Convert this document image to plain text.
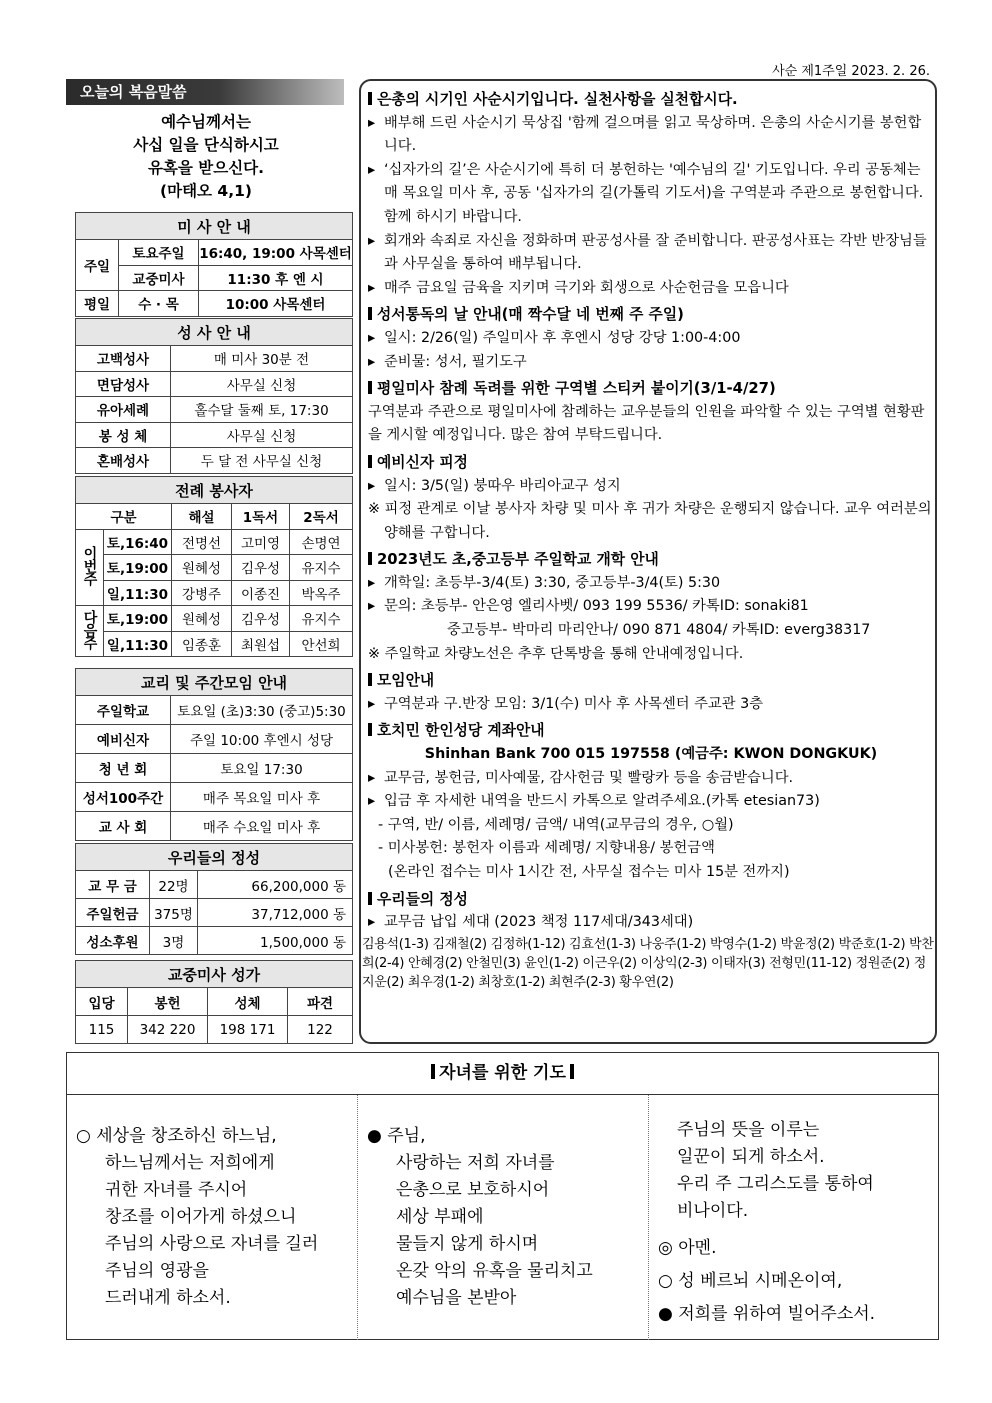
사순 제1주일 2023. 2. 26.
오늘의 복음말씀
예수님께서는
사십 일을 단식하시고
유혹을 받으신다.
(마태오 4,1)
미 사 안 내		
주일	토요주일	16:40, 19:00 사목센터
	교중미사	11:30 후 엔 시
평일	수 · 목	10:00 사목센터
성 사 안 내	
고백성사	매 미사 30분 전
면담성사	사무실 신청
유아세례	홀수달 둘째 토, 17:30
봉 성 체	사무실 신청
혼배성사	두 달 전 사무실 신청
전례 봉사자				
구분		해설	1독서	2독서
이번주	토,16:40	전명선	고미영	손명연
	토,19:00	원혜성	김우성	유지수
	일,11:30	강병주	이종진	박옥주
다음주	토,19:00	원혜성	김우성	유지수
	일,11:30	임종훈	최원섭	안선희
교리 및 주간모임 안내	
주일학교	토요일 (초)3:30 (중고)5:30
예비신자	주일 10:00 후엔시 성당
청 년 회	토요일 17:30
성서100주간	매주 목요일 미사 후
교 사 회	매주 수요일 미사 후
우리들의 정성		
교 무 금	22명	66,200,000 동
주일헌금	375명	37,712,000 동
성소후원	3명	1,500,000 동
교중미사 성가			
입당	봉헌	성체	파견
115	342 220	198 171	122
은총의 시기인 사순시기입니다. 실천사항을 실천합시다.
▸ 배부해 드린 사순시기 묵상집 '함께 걸으며를 읽고 묵상하며. 은총의 사순시기를 봉헌합니다.
▸ ‘십자가의 길’은 사순시기에 특히 더 봉헌하는 '예수님의 길' 기도입니다. 우리 공동체는 매 목요일 미사 후, 공동 '십자가의 길(가톨릭 기도서)을 구역분과 주관으로 봉헌합니다. 함께 하시기 바랍니다.
▸ 회개와 속죄로 자신을 정화하며 판공성사를 잘 준비합니다. 판공성사표는 각반 반장님들과 사무실을 통하여 배부됩니다.
▸ 매주 금요일 금육을 지키며 극기와 회생으로 사순헌금을 모읍니다
성서통독의 날 안내(매 짝수달 네 번째 주 주일)
▸ 일시: 2/26(일) 주일미사 후 후엔시 성당 강당 1:00-4:00
▸ 준비물: 성서, 필기도구
평일미사 참례 독려를 위한 구역별 스티커 붙이기(3/1-4/27)
구역분과 주관으로 평일미사에 참례하는 교우분들의 인원을 파악할 수 있는 구역별 현황판을 게시할 예정입니다. 많은 참여 부탁드립니다.
예비신자 피정
▸ 일시: 3/5(일) 붕따우 바리아교구 성지
※ 피정 관계로 이날 봉사자 차량 및 미사 후 귀가 차량은 운행되지 않습니다. 교우 여러분의 양해를 구합니다.
2023년도 초,중고등부 주일학교 개학 안내
▸ 개학일: 초등부-3/4(토) 3:30, 중고등부-3/4(토) 5:30
▸ 문의: 초등부- 안은영 엘리사벳/ 093 199 5536/ 카톡ID: sonaki81
중고등부- 박마리 마리안나/ 090 871 4804/ 카톡ID: everg38317
※ 주일학교 차량노선은 추후 단톡방을 통해 안내예정입니다.
모임안내
▸ 구역분과 구.반장 모임: 3/1(수) 미사 후 사목센터 주교관 3층
호치민 한인성당 계좌안내
Shinhan Bank 700 015 197558 (예금주: KWON DONGKUK)
▸ 교무금, 봉헌금, 미사예물, 감사헌금 및 빨랑카 등을 송금받습니다.
▸ 입금 후 자세한 내역을 반드시 카톡으로 알려주세요.(카톡 etesian73)
- 구역, 반/ 이름, 세례명/ 금액/ 내역(교무금의 경우, ○월)
- 미사봉헌: 봉헌자 이름과 세례명/ 지향내용/ 봉헌금액
(온라인 접수는 미사 1시간 전, 사무실 접수는 미사 15분 전까지)
우리들의 정성
▸ 교무금 납입 세대 (2023 책정 117세대/343세대)
김용석(1-3) 김재철(2) 김정하(1-12) 김효선(1-3) 나웅주(1-2) 박영수(1-2) 박윤정(2) 박준호(1-2) 박찬희(2-4) 안혜경(2) 안철민(3) 윤인(1-2) 이근우(2) 이상익(2-3) 이태자(3) 전형민(11-12) 정원준(2) 정지운(2) 최우경(1-2) 최창호(1-2) 최현주(2-3) 황우연(2)
자녀를 위한 기도
○ 세상을 창조하신 하느님,
하느님께서는 저희에게
귀한 자녀를 주시어
창조를 이어가게 하셨으니
주님의 사랑으로 자녀를 길러
주님의 영광을
드러내게 하소서.
● 주님,
사랑하는 저희 자녀를
은총으로 보호하시어
세상 부패에
물들지 않게 하시며
온갖 악의 유혹을 물리치고
예수님을 본받아
주님의 뜻을 이루는
일꾼이 되게 하소서.
우리 주 그리스도를 통하여
비나이다.
◎ 아멘.
○ 성 베르뇌 시메온이여,
● 저희를 위하여 빌어주소서.
